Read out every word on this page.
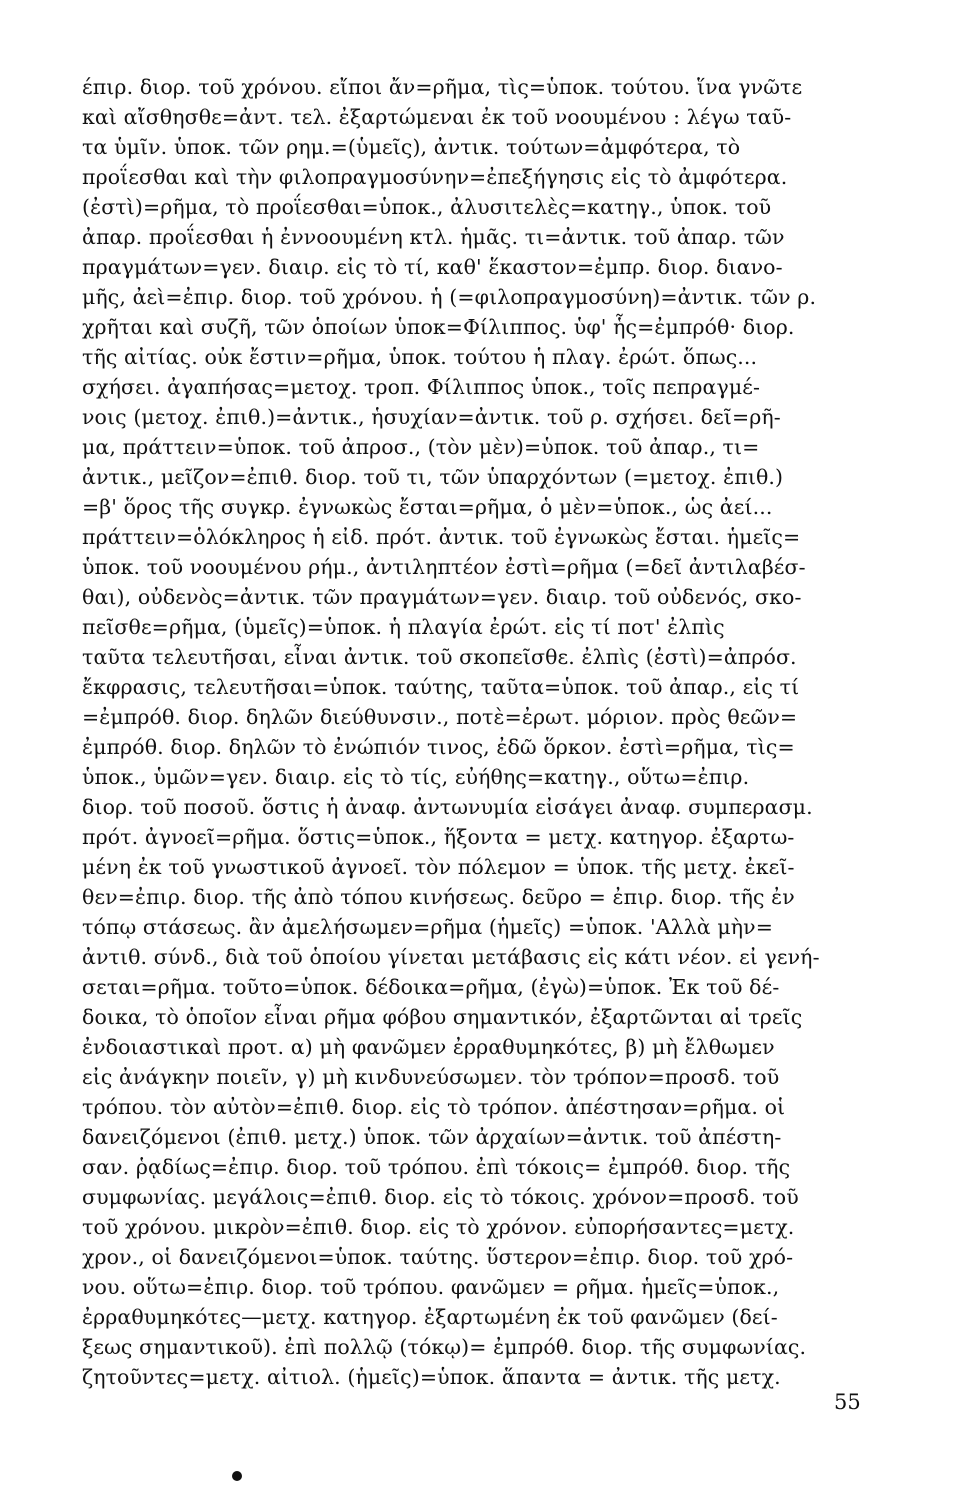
έπιρ. διορ. τοῦ χρόνου. εἴποι ἄν=ρῆμα, τὶς=ὑποκ. τούτου. ἵνα γνῶτε
καὶ αἴσθησθε=ἀντ. τελ. ἐξαρτώμεναι ἐκ τοῦ νοουμένου : λέγω ταῦ-
τα ὑμῖν. ὑποκ. τῶν ρημ.=(ὑμεῖς), ἀντικ. τούτων=ἀμφότερα, τὸ
προΐεσθαι καὶ τὴν φιλοπραγμοσύνην=ἐπεξήγησις εἰς τὸ ἀμφότερα.
(ἐστὶ)=ρῆμα, τὸ προΐεσθαι=ὑποκ., ἀλυσιτελὲς=κατηγ., ὑποκ. τοῦ
ἀπαρ. προΐεσθαι ἡ ἐννοουμένη κτλ. ἡμᾶς. τι=ἀντικ. τοῦ ἀπαρ. τῶν
πραγμάτων=γεν. διαιρ. εἰς τὸ τί, καθ' ἕκαστον=ἐμπρ. διορ. διανο-
μῆς, ἀεὶ=ἐπιρ. διορ. τοῦ χρόνου. ἡ (=φιλοπραγμοσύνη)=ἀντικ. τῶν ρ.
χρῆται καὶ συζῆ, τῶν ὁποίων ὑποκ=Φίλιππος. ὑφ' ἧς=ἐμπρόθ· διορ.
τῆς αἰτίας. οὐκ ἔστιν=ρῆμα, ὑποκ. τούτου ἡ πλαγ. ἐρώτ. ὅπως...
σχήσει. ἀγαπήσας=μετοχ. τροπ. Φίλιππος ὑποκ., τοῖς πεπραγμέ-
νοις (μετοχ. ἐπιθ.)=ἀντικ., ἡσυχίαν=ἀντικ. τοῦ ρ. σχήσει. δεῖ=ρῆ-
μα, πράττειν=ὑποκ. τοῦ ἀπροσ., (τὸν μὲν)=ὑποκ. τοῦ ἀπαρ., τι=
ἀντικ., μεῖζον=ἐπιθ. διορ. τοῦ τι, τῶν ὑπαρχόντων (=μετοχ. ἐπιθ.)
=β' ὅρος τῆς συγκρ. ἐγνωκὼς ἔσται=ρῆμα, ὁ μὲν=ὑποκ., ὡς ἀεί...
πράττειν=ὁλόκληρος ἡ εἰδ. πρότ. ἀντικ. τοῦ ἐγνωκὼς ἔσται. ἡμεῖς=
ὑποκ. τοῦ νοουμένου ρήμ., ἀντιληπτέον ἐστὶ=ρῆμα (=δεῖ ἀντιλαβέσ-
θαι), οὐδενὸς=ἀντικ. τῶν πραγμάτων=γεν. διαιρ. τοῦ οὐδενός, σκο-
πεῖσθε=ρῆμα, (ὑμεῖς)=ὑποκ. ἡ πλαγία ἐρώτ. εἰς τί ποτ' ἐλπὶς
ταῦτα τελευτῆσαι, εἶναι ἀντικ. τοῦ σκοπεῖσθε. ἐλπὶς (ἐστὶ)=ἀπρόσ.
ἔκφρασις, τελευτῆσαι=ὑποκ. ταύτης, ταῦτα=ὑποκ. τοῦ ἀπαρ., εἰς τί
=ἐμπρόθ. διορ. δηλῶν διεύθυνσιν., ποτὲ=ἐρωτ. μόριον. πρὸς θεῶν=
ἐμπρόθ. διορ. δηλῶν τὸ ἐνώπιόν τινος, ἐδῶ ὅρκον. ἐστὶ=ρῆμα, τὶς=
ὑποκ., ὑμῶν=γεν. διαιρ. εἰς τὸ τίς, εὐήθης=κατηγ., οὕτω=ἐπιρ.
διορ. τοῦ ποσοῦ. ὅστις ἡ ἀναφ. ἀντωνυμία εἰσάγει ἀναφ. συμπερασμ.
πρότ. ἀγνοεῖ=ρῆμα. ὅστις=ὑποκ., ἥξοντα = μετχ. κατηγορ. ἐξαρτω-
μένη ἐκ τοῦ γνωστικοῦ ἀγνοεῖ. τὸν πόλεμον = ὑποκ. τῆς μετχ. ἐκεῖ-
θεν=ἐπιρ. διορ. τῆς ἀπὸ τόπου κινήσεως. δεῦρο = ἐπιρ. διορ. τῆς ἐν
τόπῳ στάσεως. ἂν ἀμελήσωμεν=ρῆμα (ἡμεῖς) =ὑποκ. 'Αλλὰ μὴν=
ἀντιθ. σύνδ., διὰ τοῦ ὁποίου γίνεται μετάβασις εἰς κάτι νέον. εἰ γενή-
σεται=ρῆμα. τοῦτο=ὑποκ. δέδοικα=ρῆμα, (ἐγὼ)=ὑποκ. Ἐκ τοῦ δέ-
δοικα, τὸ ὁποῖον εἶναι ρῆμα φόβου σημαντικόν, ἐξαρτῶνται αἱ τρεῖς
ἐνδοιαστικαὶ προτ. α) μὴ φανῶμεν ἐρραθυμηκότες, β) μὴ ἔλθωμεν
εἰς ἀνάγκην ποιεῖν, γ) μὴ κινδυνεύσωμεν. τὸν τρόπον=προσδ. τοῦ
τρόπου. τὸν αὐτὸν=ἐπιθ. διορ. εἰς τὸ τρόπον. ἀπέστησαν=ρῆμα. οἱ
δανειζόμενοι (ἐπιθ. μετχ.) ὑποκ. τῶν ἀρχαίων=ἀντικ. τοῦ ἀπέστη-
σαν. ῥᾳδίως=ἐπιρ. διορ. τοῦ τρόπου. ἐπὶ τόκοις= ἐμπρόθ. διορ. τῆς
συμφωνίας. μεγάλοις=ἐπιθ. διορ. εἰς τὸ τόκοις. χρόνον=προσδ. τοῦ
τοῦ χρόνου. μικρὸν=ἐπιθ. διορ. εἰς τὸ χρόνον. εὐπορήσαντες=μετχ.
χρον., οἱ δανειζόμενοι=ὑποκ. ταύτης. ὕστερον=ἐπιρ. διορ. τοῦ χρό-
νου. οὕτω=ἐπιρ. διορ. τοῦ τρόπου. φανῶμεν = ρῆμα. ἡμεῖς=ὑποκ.,
ἐρραθυμηκότες—μετχ. κατηγορ. ἐξαρτωμένη ἐκ τοῦ φανῶμεν (δεί-
ξεως σημαντικοῦ). ἐπὶ πολλῷ (τόκῳ)= ἐμπρόθ. διορ. τῆς συμφωνίας.
ζητοῦντες=μετχ. αἰτιολ. (ἡμεῖς)=ὑποκ. ἅπαντα = ἀντικ. τῆς μετχ.
55
